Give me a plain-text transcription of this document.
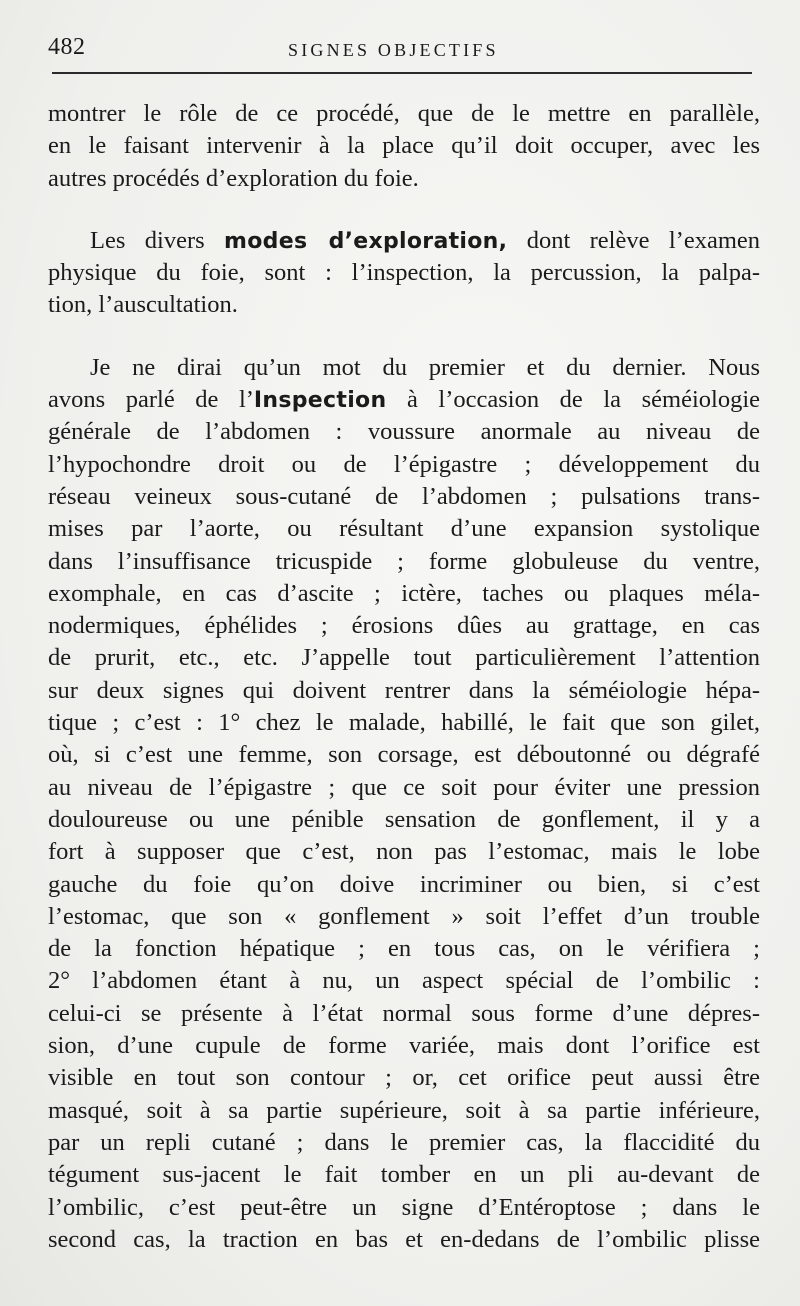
482	SIGNES OBJECTIFS
montrer le rôle de ce procédé, que de le mettre en parallèle,
en le faisant intervenir à la place qu’il doit occuper, avec les
autres procédés d’exploration du foie.
Les divers modes d’exploration, dont relève l’examen
physique du foie, sont : l’inspection, la percussion, la palpa-
tion, l’auscultation.
Je ne dirai qu’un mot du premier et du dernier. Nous
avons parlé de l’Inspection à l’occasion de la séméiologie
générale de l’abdomen : voussure anormale au niveau de
l’hypochondre droit ou de l’épigastre ; développement du
réseau veineux sous-cutané de l’abdomen ; pulsations trans-
mises par l’aorte, ou résultant d’une expansion systolique
dans l’insuffisance tricuspide ; forme globuleuse du ventre,
exomphale, en cas d’ascite ; ictère, taches ou plaques méla-
nodermiques, éphélides ; érosions dûes au grattage, en cas
de prurit, etc., etc. J’appelle tout particulièrement l’attention
sur deux signes qui doivent rentrer dans la séméiologie hépa-
tique ; c’est : 1° chez le malade, habillé, le fait que son gilet,
où, si c’est une femme, son corsage, est déboutonné ou dégrafé
au niveau de l’épigastre ; que ce soit pour éviter une pression
douloureuse ou une pénible sensation de gonflement, il y a
fort à supposer que c’est, non pas l’estomac, mais le lobe
gauche du foie qu’on doive incriminer ou bien, si c’est
l’estomac, que son « gonflement » soit l’effet d’un trouble
de la fonction hépatique ; en tous cas, on le vérifiera ;
2° l’abdomen étant à nu, un aspect spécial de l’ombilic :
celui-ci se présente à l’état normal sous forme d’une dépres-
sion, d’une cupule de forme variée, mais dont l’orifice est
visible en tout son contour ; or, cet orifice peut aussi être
masqué, soit à sa partie supérieure, soit à sa partie inférieure,
par un repli cutané ; dans le premier cas, la flaccidité du
tégument sus-jacent le fait tomber en un pli au-devant de
l’ombilic, c’est peut-être un signe d’Entéroptose ; dans le
second cas, la traction en bas et en-dedans de l’ombilic plisse
